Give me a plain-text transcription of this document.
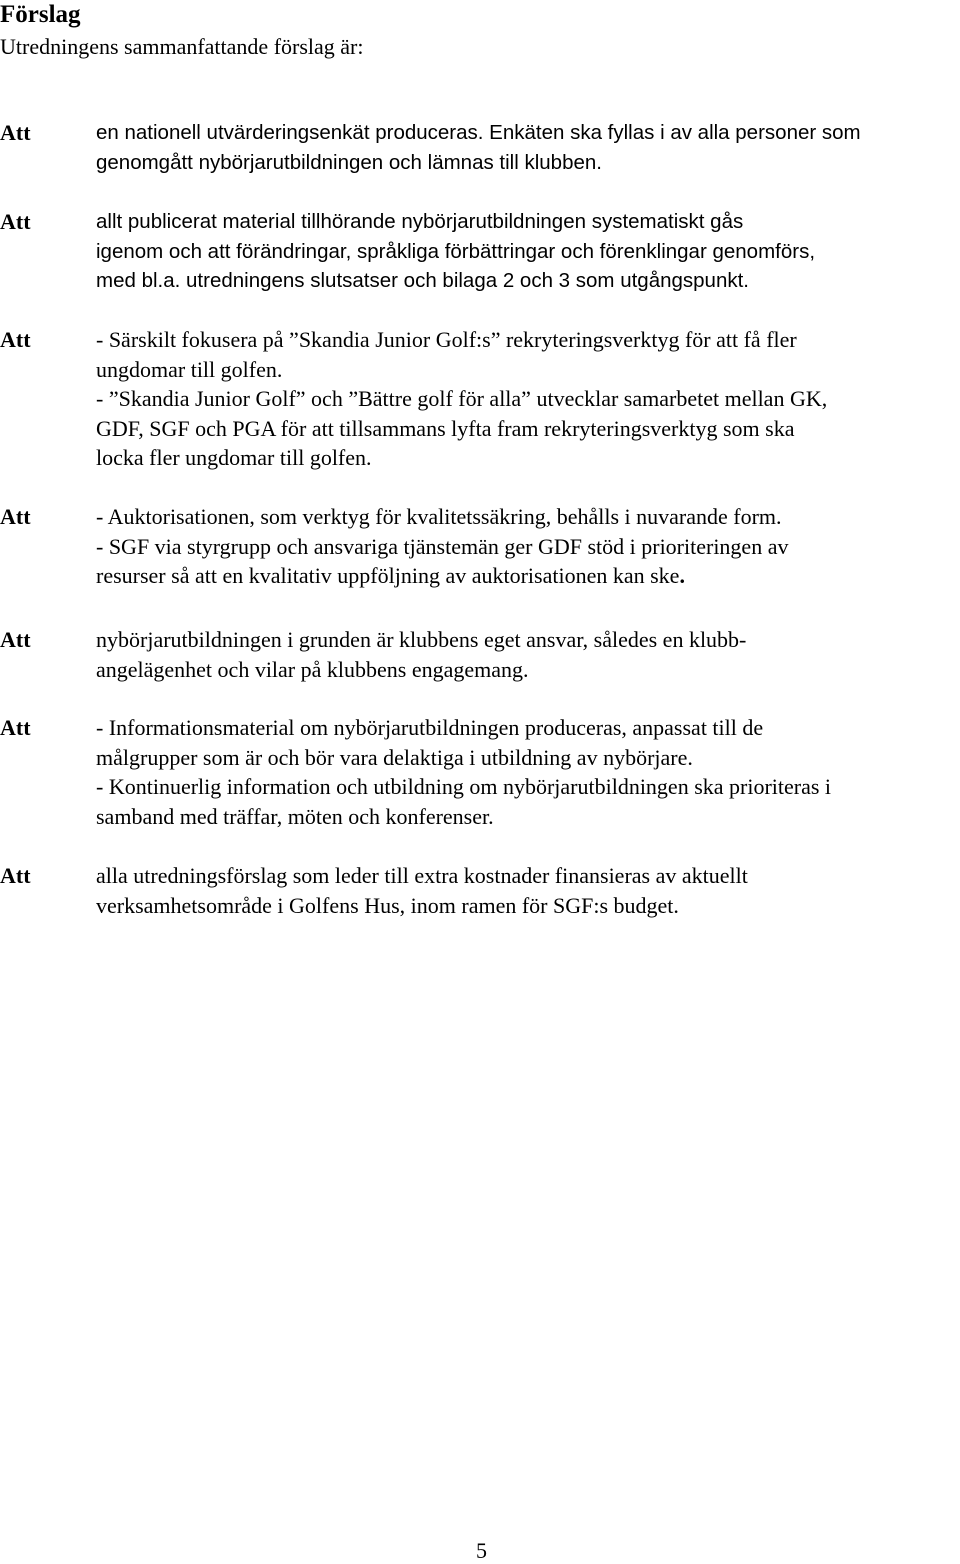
Förslag

Utredningens sammanfattande förslag är:

Att	en nationell utvärderingsenkät produceras. Enkäten ska fyllas i av alla personer som
genomgått nybörjarutbildningen och lämnas till klubben.

Att	allt publicerat material tillhörande nybörjarutbildningen systematiskt gås
igenom och att förändringar, språkliga förbättringar och förenklingar genomförs,
med bl.a. utredningens slutsatser och bilaga 2 och 3 som utgångspunkt.

Att	- Särskilt fokusera på ”Skandia Junior Golf:s” rekryteringsverktyg för att få fler
ungdomar till golfen.

- ”Skandia Junior Golf” och ”Bättre golf för alla” utvecklar samarbetet mellan GK,
GDF, SGF och PGA för att tillsammans lyfta fram rekryteringsverktyg som ska
locka fler ungdomar till golfen.

Att	- Auktorisationen, som verktyg för kvalitetssäkring, behålls i nuvarande form.

- SGF via styrgrupp och ansvariga tjänstemän ger GDF stöd i prioriteringen av
resurser så att en kvalitativ uppföljning av auktorisationen kan ske.

Att	nybörjarutbildningen i grunden är klubbens eget ansvar, således en klubb-
angelägenhet och vilar på klubbens engagemang.

Att	- Informationsmaterial om nybörjarutbildningen produceras, anpassat till de
målgrupper som är och bör vara delaktiga i utbildning av nybörjare.

- Kontinuerlig information och utbildning om nybörjarutbildningen ska prioriteras i
samband med träffar, möten och konferenser.

Att	alla utredningsförslag som leder till extra kostnader finansieras av aktuellt
verksamhetsområde i Golfens Hus, inom ramen för SGF:s budget.

5
